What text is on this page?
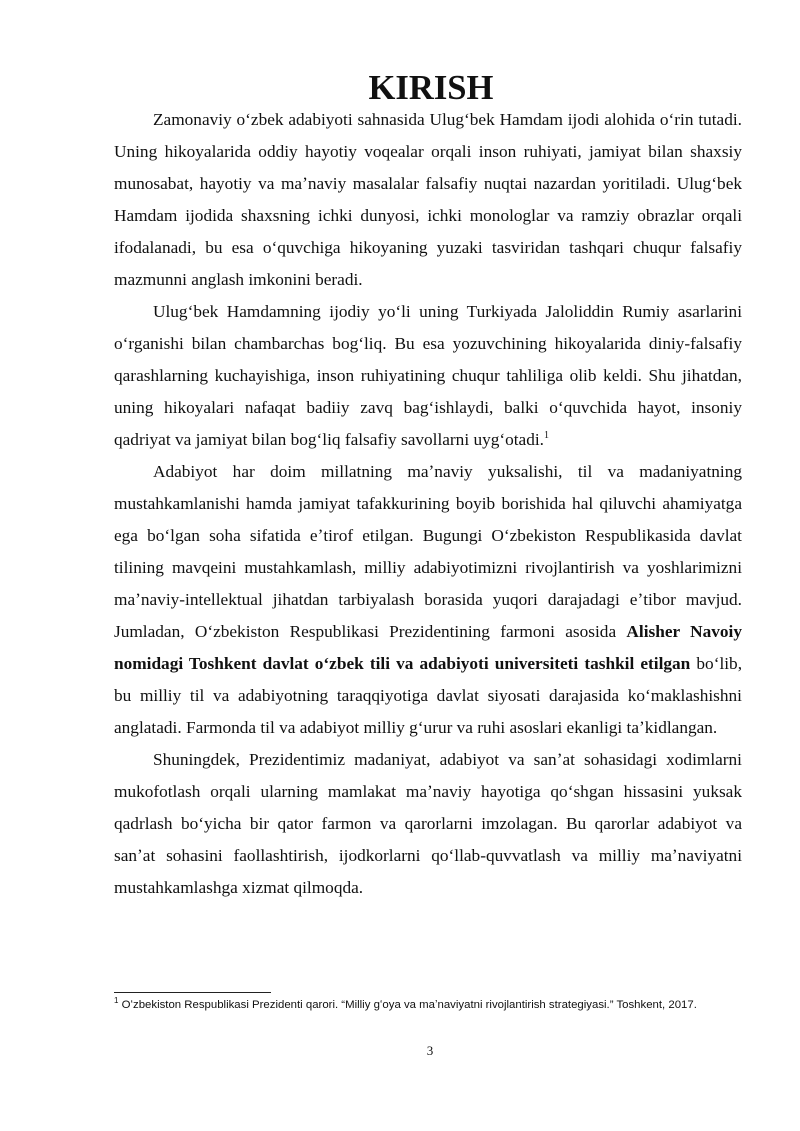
KIRISH

Zamonaviy oʻzbek adabiyoti sahnasida Ulugʻbek Hamdam ijodi alohida oʻrin tutadi. Uning hikoyalarida oddiy hayotiy voqealar orqali inson ruhiyati, jamiyat bilan shaxsiy munosabat, hayotiy va maʼnaviy masalalar falsafiy nuqtai nazardan yoritiladi. Ulugʻbek Hamdam ijodida shaxsning ichki dunyosi, ichki monologlar va ramziy obrazlar orqali ifodalanadi, bu esa oʻquvchiga hikoyaning yuzaki tasviridan tashqari chuqur falsafiy mazmunni anglash imkonini beradi.

Ulugʻbek Hamdamning ijodiy yoʻli uning Turkiyada Jaloliddin Rumiy asarlarini oʻrganishi bilan chambarchas bogʻliq. Bu esa yozuvchining hikoyalarida diniy-falsafiy qarashlarning kuchayishiga, inson ruhiyatining chuqur tahliliga olib keldi. Shu jihatdan, uning hikoyalari nafaqat badiiy zavq bagʻishlaydi, balki oʻquvchida hayot, insoniy qadriyat va jamiyat bilan bogʻliq falsafiy savollarni uygʻotadi.$^1$

Adabiyot har doim millatning maʼnaviy yuksalishi, til va madaniyatning mustahkamlanishi hamda jamiyat tafakkurining boyib borishida hal qiluvchi ahamiyatga ega boʻlgan soha sifatida eʼtirof etilgan. Bugungi Oʻzbekiston Respublikasida davlat tilining mavqeini mustahkamlash, milliy adabiyotimizni rivojlantirish va yoshlarimizni maʼnaviy-intellektual jihatdan tarbiyalash borasida yuqori darajadagi eʼtibor mavjud. Jumladan, Oʻzbekiston Respublikasi Prezidentining farmoni asosida Alisher Navoiy nomidagi Toshkent davlat oʻzbek tili va adabiyoti universiteti tashkil etilgan boʻlib, bu milliy til va adabiyotning taraqqiyotiga davlat siyosati darajasida koʻmaklashishni anglatadi. Farmonda til va adabiyot milliy gʻurur va ruhi asoslari ekanligi taʼkidlangan.

Shuningdek, Prezidentimiz madaniyat, adabiyot va sanʼat sohasidagi xodimlarni mukofotlash orqali ularning mamlakat maʼnaviy hayotiga qoʻshgan hissasini yuksak qadrlash boʻyicha bir qator farmon va qarorlarni imzolagan. Bu qarorlar adabiyot va sanʼat sohasini faollashtirish, ijodkorlarni qoʻllab-quvvatlash va milliy maʼnaviyatni mustahkamlashga xizmat qilmoqda.

$^1$ Oʻzbekiston Respublikasi Prezidenti qarori. “Milliy gʻoya va maʼnaviyatni rivojlantirish strategiyasi.” Toshkent, 2017.
3
